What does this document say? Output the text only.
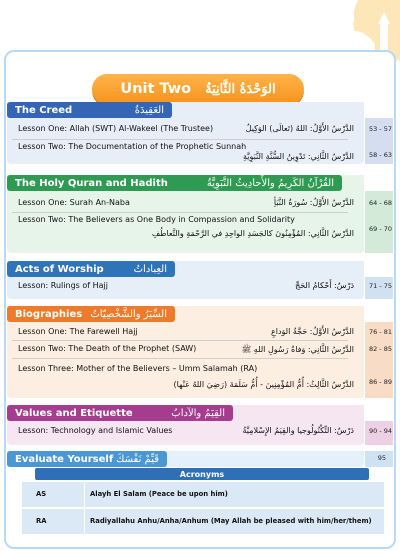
Unit Two الوَحْدَةُ الثَّانِيَةُ
The Creed	العَقِيدَةُ
Lesson One: Allah (SWT) Al-Wakeel (The Trustee)	الدَّرْسُ الأَوَّلُ: اللهُ (تَعالَى) الوَكِيلُ 53 - 57
Lesson Two: The Documentation of the Prophetic Sunnah
الدَّرْسُ الثَّانِي: تَدْوِينُ السُّنَّةِ النَّبَوِيَّةِ 58 - 63
The Holy Quran and Hadith	القُرْآنُ الكَرِيمُ والأَحادِيثُ النَّبَوِيَّةُ
Lesson One: Surah An-Naba	الدَّرْسُ الأَوَّلُ: سُورَةُ النَّبَأِ 64 - 68
Lesson Two: The Believers as One Body in Compassion and Solidarity
الدَّرْسُ الثَّانِي: المُؤْمِنُونَ كالجَسَدِ الواحِدِ في الرَّحْمَةِ والتَّعاطُفِ 69 - 70
Acts of Worship	العِباداتُ
Lesson: Rulings of Hajj	دَرْسٌ: أَحْكامُ الحَجِّ 71 - 75
Biographies السِّيَرُ والشَّخْصِيّاتُ
Lesson One: The Farewell Hajj	الدَّرْسُ الأَوَّلُ: حَجَّةُ الوَداعِ 76 - 81
Lesson Two: The Death of the Prophet (SAW)	الدَّرْسُ الثَّانِي: وَفاةُ رَسُولِ اللهِ ﷺ 82 - 85
Lesson Three: Mother of the Believers – Umm Salamah (RA)
الدَّرْسُ الثَّالِثُ: أُمُّ المُؤْمِنِينَ - أُمُّ سَلَمَةَ (رَضِيَ اللهُ عَنْها) 86 - 89
Values and Etiquette	القِيَمُ والآدابُ
Lesson: Technology and Islamic Values	دَرْسٌ: التِّكْنُولُوجيا والقِيَمُ الإِسْلامِيَّةُ 90 - 94
Evaluate Yourself قَيِّمْ نَفْسَكَ	95
Acronyms
AS	Alayh El Salam (Peace be upon him)
RA	Radiyallahu Anhu/Anha/Anhum (May Allah be pleased with him/her/them)
